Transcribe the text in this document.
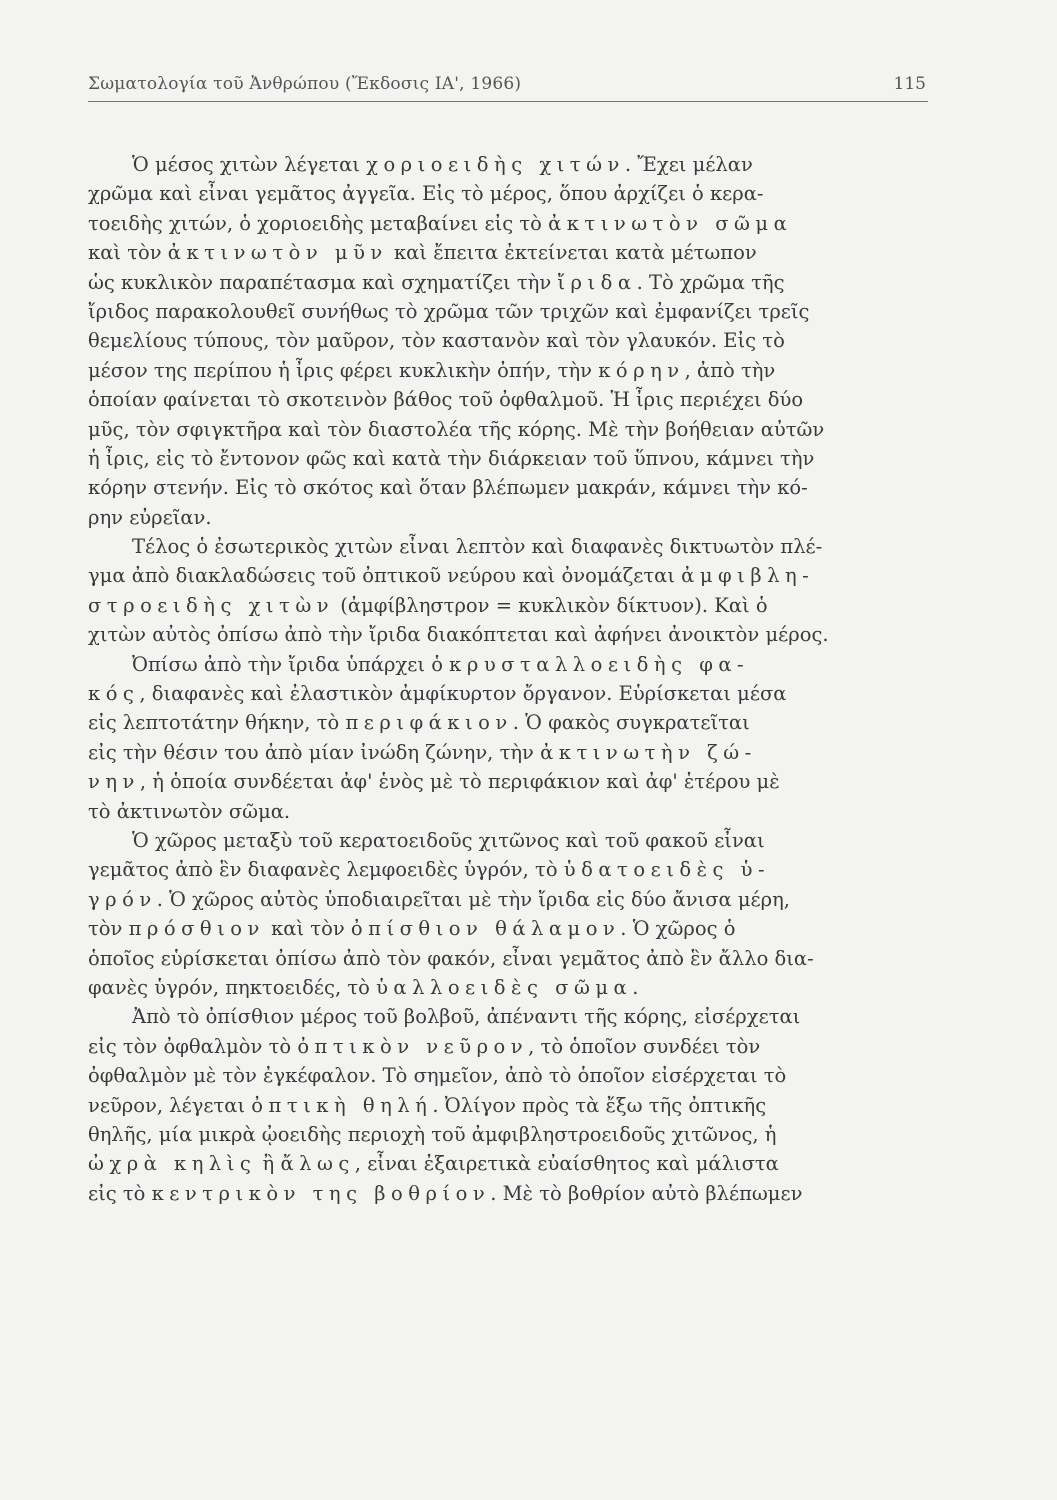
Σωματολογία τοῦ Ἀνθρώπου (Ἔκδοσις ΙΑ', 1966)	115
Ὁ μέσος χιτὼν λέγεται χοριοειδὴς χιτών. Ἔχει μέλαν
χρῶμα καὶ εἶναι γεμᾶτος ἀγγεῖα. Εἰς τὸ μέρος, ὅπου ἀρχίζει ὁ κερα-
τοειδὴς χιτών, ὁ χοριοειδὴς μεταβαίνει εἰς τὸ ἀκτινωτὸν σῶμα
καὶ τὸν ἀκτινωτὸν μῦν καὶ ἔπειτα ἐκτείνεται κατὰ μέτωπον
ὡς κυκλικὸν παραπέτασμα καὶ σχηματίζει τὴν ἴριδα. Τὸ χρῶμα τῆς
ἴριδος παρακολουθεῖ συνήθως τὸ χρῶμα τῶν τριχῶν καὶ ἐμφανίζει τρεῖς
θεμελίους τύπους, τὸν μαῦρον, τὸν καστανὸν καὶ τὸν γλαυκόν. Εἰς τὸ
μέσον της περίπου ἡ ἶρις φέρει κυκλικὴν ὀπήν, τὴν κόρην, ἀπὸ τὴν
ὁποίαν φαίνεται τὸ σκοτεινὸν βάθος τοῦ ὀφθαλμοῦ. Ἡ ἶρις περιέχει δύο
μῦς, τὸν σφιγκτῆρα καὶ τὸν διαστολέα τῆς κόρης. Μὲ τὴν βοήθειαν αὐτῶν
ἡ ἶρις, εἰς τὸ ἔντονον φῶς καὶ κατὰ τὴν διάρκειαν τοῦ ὕπνου, κάμνει τὴν
κόρην στενήν. Εἰς τὸ σκότος καὶ ὅταν βλέπωμεν μακράν, κάμνει τὴν κό-
ρην εὐρεῖαν.
Τέλος ὁ ἐσωτερικὸς χιτὼν εἶναι λεπτὸν καὶ διαφανὲς δικτυωτὸν πλέ-
γμα ἀπὸ διακλαδώσεις τοῦ ὀπτικοῦ νεύρου καὶ ὀνομάζεται ἀμφιβλη-
στροειδὴς χιτὼν (ἀμφίβληστρον = κυκλικὸν δίκτυον). Καὶ ὁ
χιτὼν αὐτὸς ὀπίσω ἀπὸ τὴν ἴριδα διακόπτεται καὶ ἀφήνει ἀνοικτὸν μέρος.
Ὀπίσω ἀπὸ τὴν ἴριδα ὑπάρχει ὁ κρυσταλλοειδὴς φα-
κός, διαφανὲς καὶ ἐλαστικὸν ἀμφίκυρτον ὄργανον. Εὑρίσκεται μέσα
εἰς λεπτοτάτην θήκην, τὸ περιφάκιον. Ὁ φακὸς συγκρατεῖται
εἰς τὴν θέσιν του ἀπὸ μίαν ἰνώδη ζώνην, τὴν ἀκτινωτὴν ζώ-
νην, ἡ ὁποία συνδέεται ἀφ' ἑνὸς μὲ τὸ περιφάκιον καὶ ἀφ' ἑτέρου μὲ
τὸ ἀκτινωτὸν σῶμα.
Ὁ χῶρος μεταξὺ τοῦ κερατοειδοῦς χιτῶνος καὶ τοῦ φακοῦ εἶναι
γεμᾶτος ἀπὸ ἓν διαφανὲς λεμφοειδὲς ὑγρόν, τὸ ὑδατοειδὲς ὑ-
γρόν. Ὁ χῶρος αὐτὸς ὑποδιαιρεῖται μὲ τὴν ἴριδα εἰς δύο ἄνισα μέρη,
τὸν πρόσθιον καὶ τὸν ὀπίσθιον θάλαμον. Ὁ χῶρος ὁ
ὁποῖος εὑρίσκεται ὀπίσω ἀπὸ τὸν φακόν, εἶναι γεμᾶτος ἀπὸ ἓν ἄλλο δια-
φανὲς ὑγρόν, πηκτοειδές, τὸ ὑαλλοειδὲς σῶμα.
Ἀπὸ τὸ ὀπίσθιον μέρος τοῦ βολβοῦ, ἀπέναντι τῆς κόρης, εἰσέρχεται
εἰς τὸν ὀφθαλμὸν τὸ ὀπτικὸν νεῦρον, τὸ ὁποῖον συνδέει τὸν
ὀφθαλμὸν μὲ τὸν ἐγκέφαλον. Τὸ σημεῖον, ἀπὸ τὸ ὁποῖον εἰσέρχεται τὸ
νεῦρον, λέγεται ὀπτικὴ θηλή. Ὀλίγον πρὸς τὰ ἔξω τῆς ὀπτικῆς
θηλῆς, μία μικρὰ ᾠοειδὴς περιοχὴ τοῦ ἀμφιβληστροειδοῦς χιτῶνος, ἡ
ὠχρὰ κηλὶς ἢ ἄλως, εἶναι ἐξαιρετικὰ εὐαίσθητος καὶ μάλιστα
εἰς τὸ κεντρικὸν της βοθρίον. Μὲ τὸ βοθρίον αὐτὸ βλέπωμεν
